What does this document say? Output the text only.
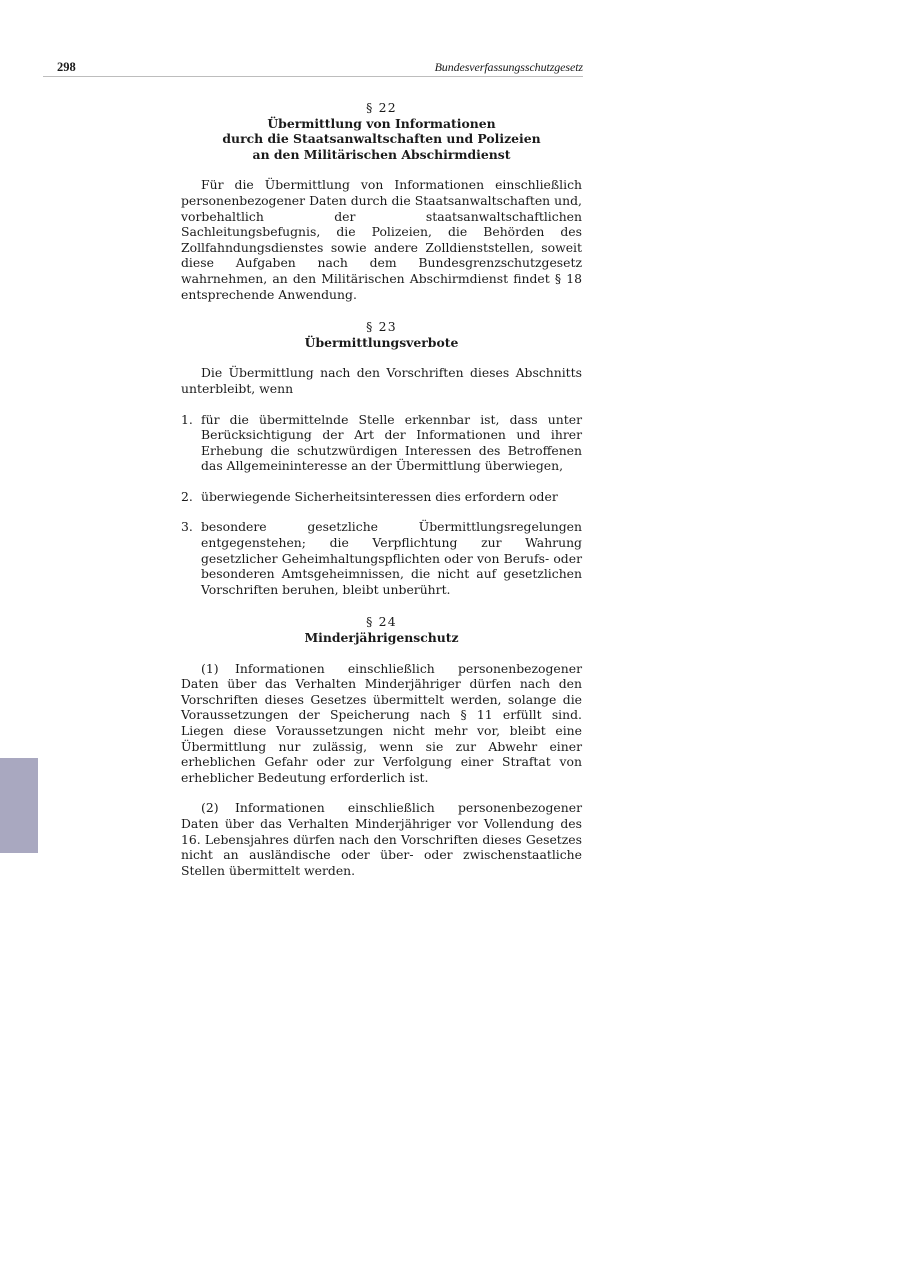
298	Bundesverfassungsschutzgesetz
§ 22
Übermittlung von Informationen
durch die Staatsanwaltschaften und Polizeien
an den Militärischen Abschirmdienst

Für die Übermittlung von Informationen einschließlich personenbezogener Daten durch die Staatsanwaltschaften und, vorbehaltlich der staatsanwaltschaftlichen Sachleitungsbefugnis, die Polizeien, die Behörden des Zollfahndungsdienstes sowie andere Zolldienststellen, soweit diese Aufgaben nach dem Bundesgrenzschutzgesetz wahrnehmen, an den Militärischen Abschirmdienst findet § 18 entsprechende Anwendung.

§ 23
Übermittlungsverbote

Die Übermittlung nach den Vorschriften dieses Abschnitts unterbleibt, wenn

1. für die übermittelnde Stelle erkennbar ist, dass unter Berücksichtigung der Art der Informationen und ihrer Erhebung die schutzwürdigen Interessen des Betroffenen das Allgemeininteresse an der Übermittlung überwiegen,
2. überwiegende Sicherheitsinteressen dies erfordern oder
3. besondere gesetzliche Übermittlungsregelungen entgegenstehen; die Verpflichtung zur Wahrung gesetzlicher Geheimhaltungspflichten oder von Berufs- oder besonderen Amtsgeheimnissen, die nicht auf gesetzlichen Vorschriften beruhen, bleibt unberührt.
§ 24
Minderjährigenschutz

(1) Informationen einschließlich personenbezogener Daten über das Verhalten Minderjähriger dürfen nach den Vorschriften dieses Gesetzes übermittelt werden, solange die Voraussetzungen der Speicherung nach § 11 erfüllt sind. Liegen diese Voraussetzungen nicht mehr vor, bleibt eine Übermittlung nur zulässig, wenn sie zur Abwehr einer erheblichen Gefahr oder zur Verfolgung einer Straftat von erheblicher Bedeutung erforderlich ist.

(2) Informationen einschließlich personenbezogener Daten über das Verhalten Minderjähriger vor Vollendung des 16. Lebensjahres dürfen nach den Vorschriften dieses Gesetzes nicht an ausländische oder über- oder zwischenstaatliche Stellen übermittelt werden.
